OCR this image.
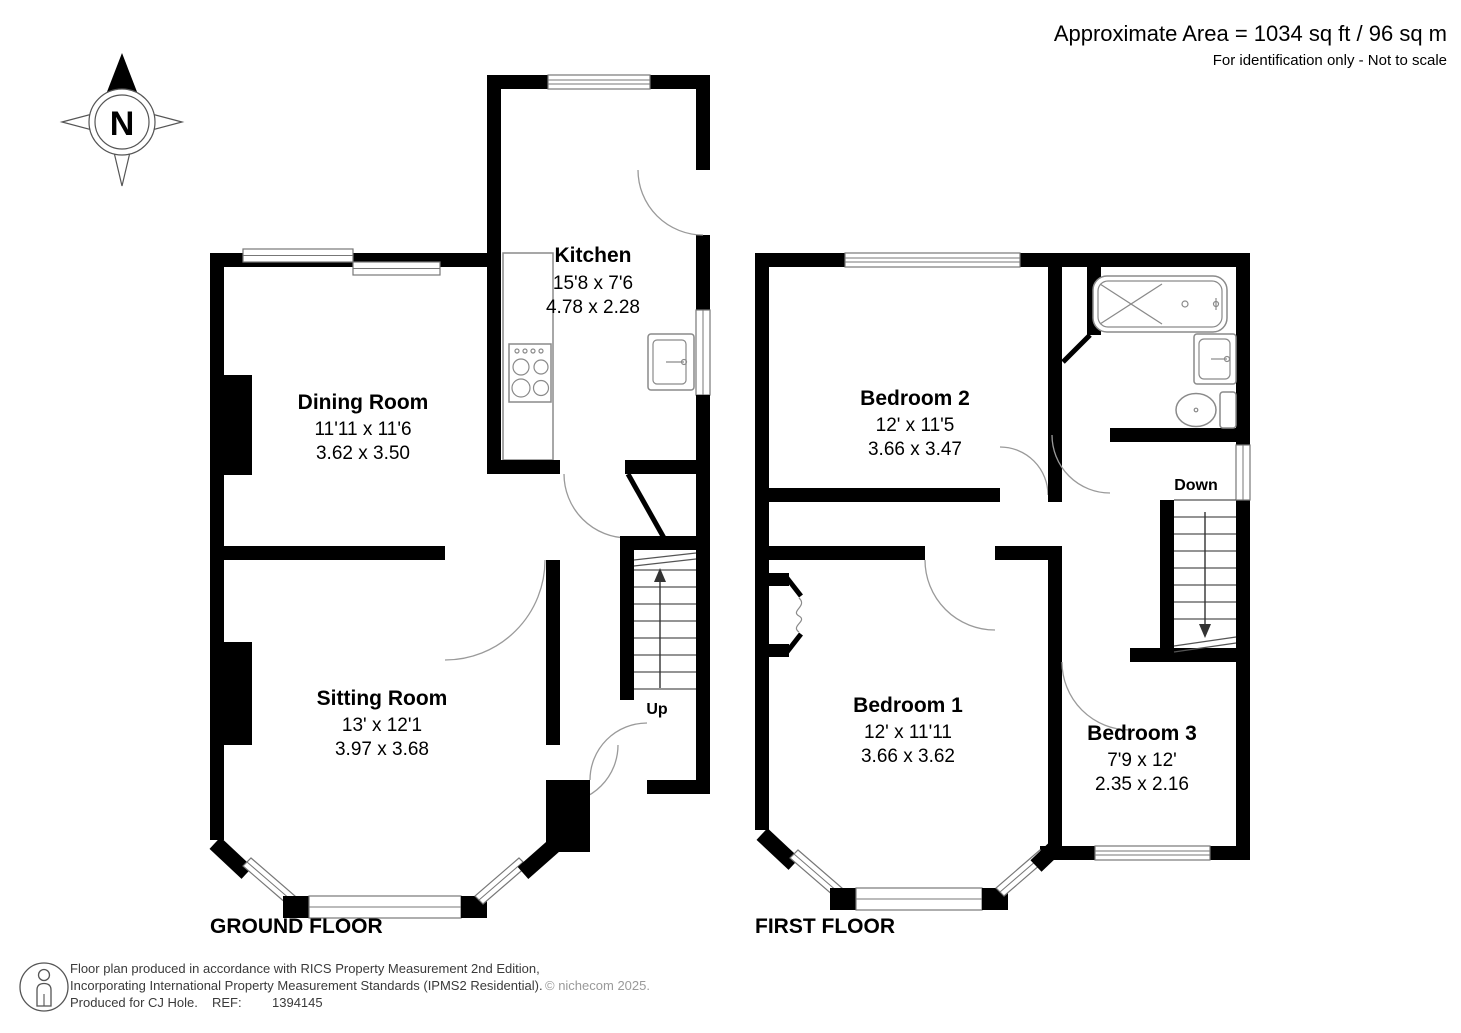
Approximate Area = 1034 sq ft / 96 sq m
For identification only - Not to scale
N
Up
Kitchen
15'8 x 7'6
4.78 x 2.28
Dining Room
11'11 x 11'6
3.62 x 3.50
Sitting Room
13' x 12'1
3.97 x 3.68
GROUND FLOOR
Down
Bedroom 2
12' x 11'5
3.66 x 3.47
Bedroom 1
12' x 11'11
3.66 x 3.62
Bedroom 3
7'9 x 12'
2.35 x 2.16
FIRST FLOOR
Floor plan produced in accordance with RICS Property Measurement 2nd Edition,
Incorporating International Property Measurement Standards (IPMS2 Residential). © nichecom 2025.
Produced for CJ Hole. REF: 1394145
